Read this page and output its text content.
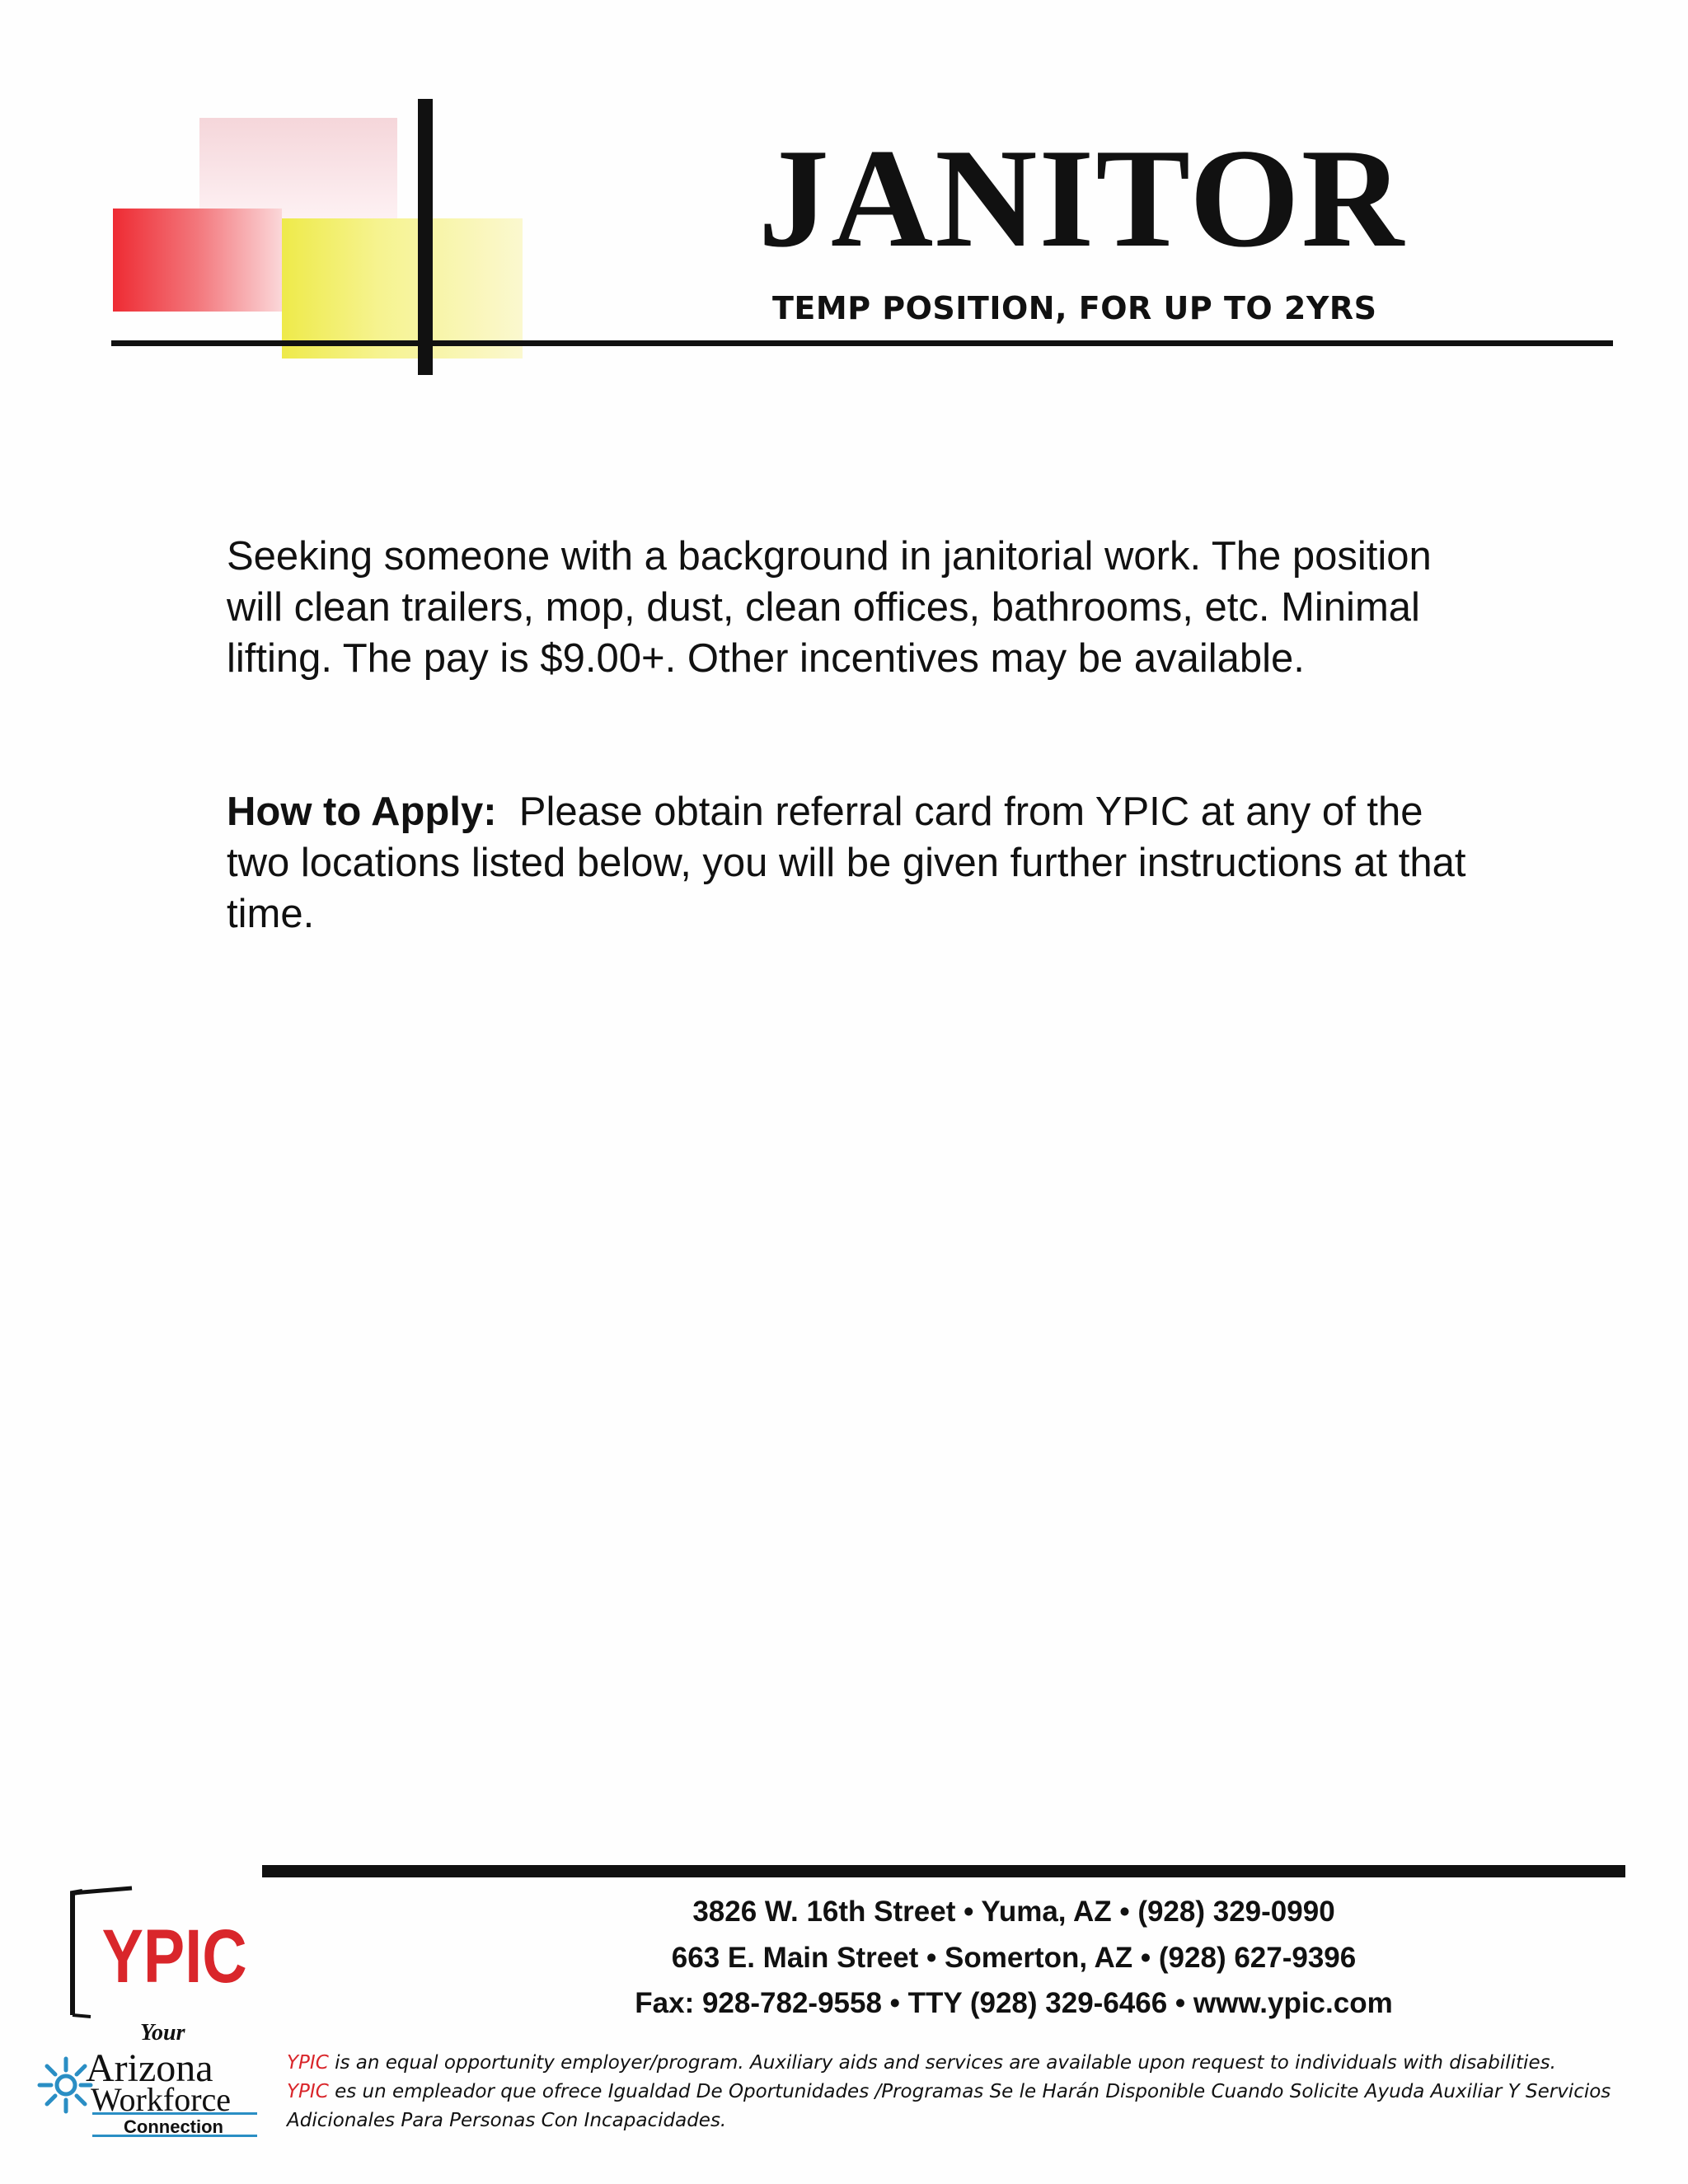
JANITOR
TEMP POSITION, FOR UP TO 2YRS
Seeking someone with a background in janitorial work. The position will clean trailers, mop, dust, clean offices, bathrooms, etc. Minimal lifting. The pay is $9.00+. Other incentives may be available.
How to Apply: Please obtain referral card from YPIC at any of the two locations listed below, you will be given further instructions at that time.
3826 W. 16th Street • Yuma, AZ • (928) 329-0990
663 E. Main Street • Somerton, AZ • (928) 627-9396
Fax: 928-782-9558 • TTY (928) 329-6466 • www.ypic.com
YPIC is an equal opportunity employer/program. Auxiliary aids and services are available upon request to individuals with disabilities.
YPIC es un empleador que ofrece Igualdad De Oportunidades /Programas Se le Harán Disponible Cuando Solicite Ayuda Auxiliar Y Servicios Adicionales Para Personas Con Incapacidades.
YPIC
Your
Arizona
Workforce
Connection
